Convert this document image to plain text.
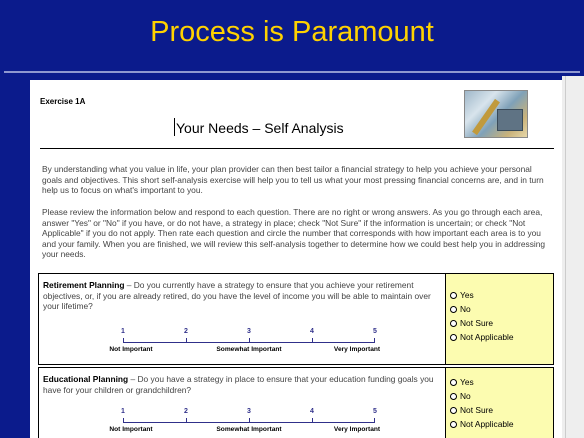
Process is Paramount
Exercise 1A
Your Needs – Self Analysis
By understanding what you value in life, your plan provider can then best tailor a financial strategy to help you achieve your personal goals and objectives. This short self-analysis exercise will help you to tell us what your most pressing financial concerns are, and in turn help us to focus on what's important to you.
Please review the information below and respond to each question. There are no right or wrong answers. As you go through each area, answer "Yes" or "No" if you have, or do not have, a strategy in place; check "Not Sure" if the information is uncertain; or check "Not Applicable" if you do not apply. Then rate each question and circle the number that corresponds with how important each area is to you and your family. When you are finished, we will review this self-analysis together to determine how we could best help you in addressing your needs.
Retirement Planning – Do you currently have a strategy to ensure that you achieve your retirement objectives, or, if you are already retired, do you have the level of income you will be able to maintain over your lifetime?
1	2	3	4	5
Not Important	Somewhat Important	Very Important
Yes
No
Not Sure
Not Applicable
Educational Planning – Do you have a strategy in place to ensure that your education funding goals you have for your children or grandchildren?
1	2	3	4	5
Not Important	Somewhat Important	Very Important
Yes
No
Not Sure
Not Applicable
